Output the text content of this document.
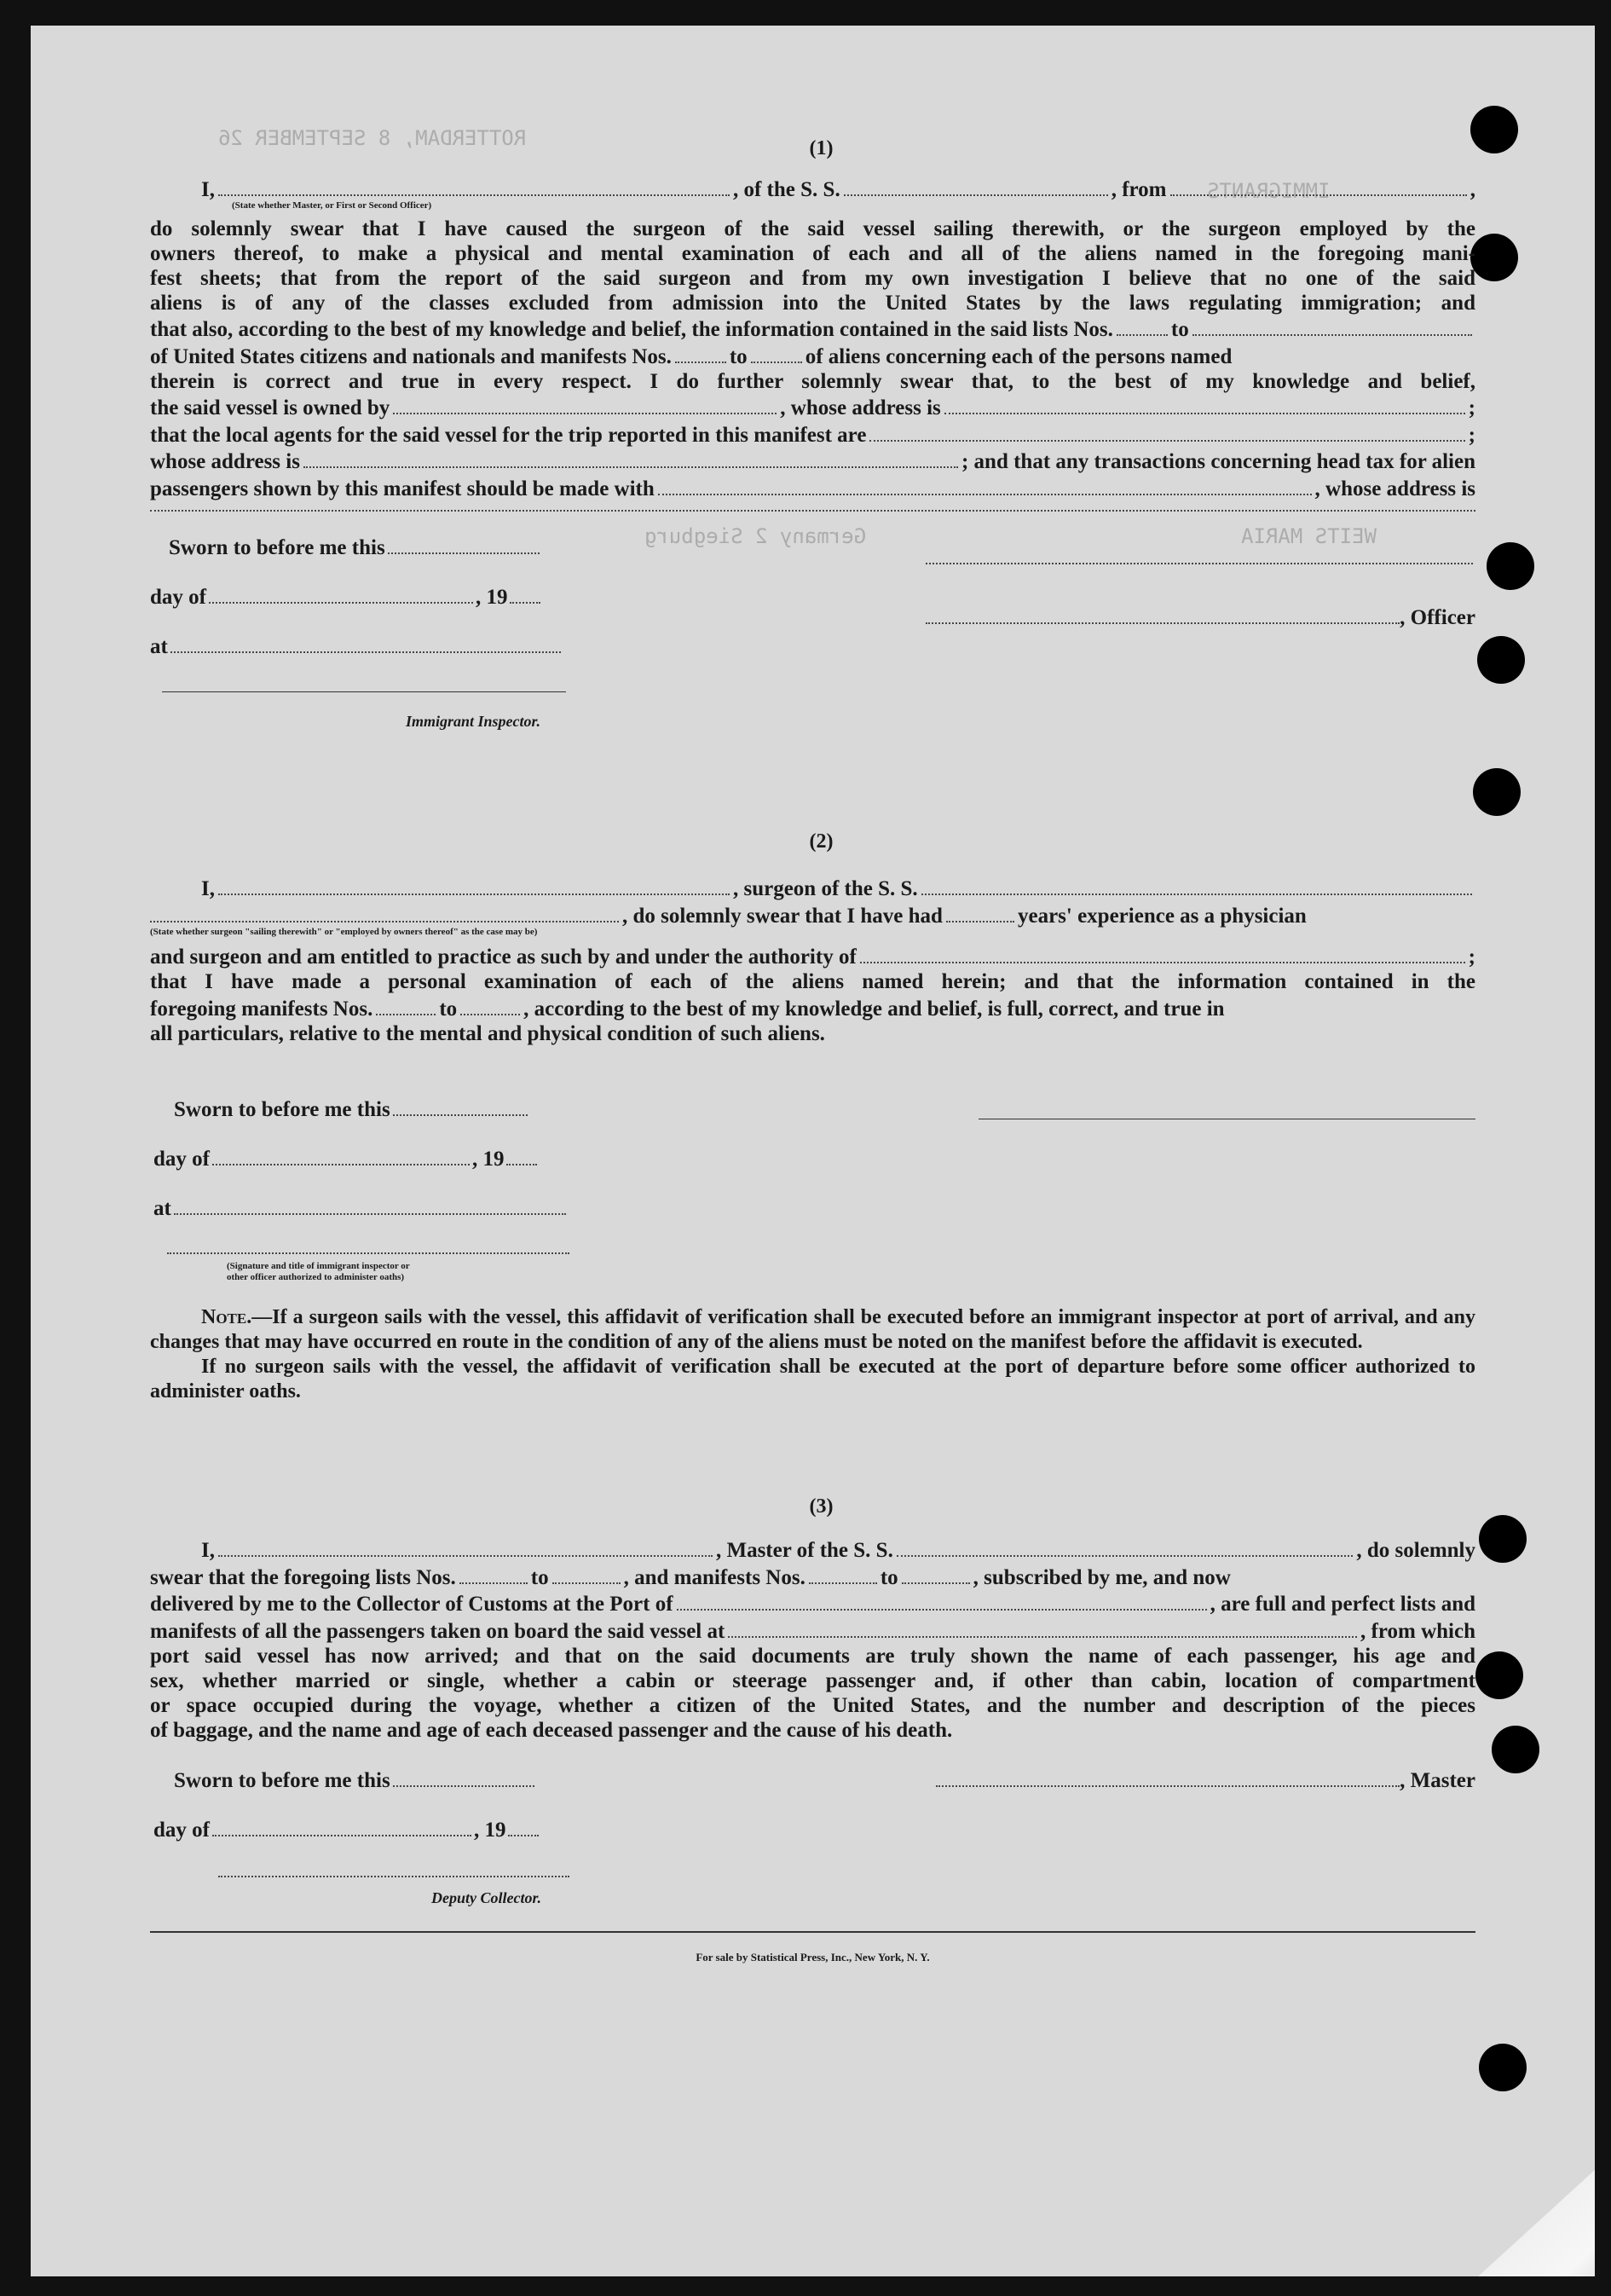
ROTTERDAM, 8 SEPTEMBER 26
IMMIGRANTS
Germany 2 Siegburg	WEITS MARIA
(1)
I,	, of the S. S.	, from	,
(State whether Master, or First or Second Officer)
do solemnly swear that I have caused the surgeon of the said vessel sailing therewith, or the surgeon employed by the
owners thereof, to make a physical and mental examination of each and all of the aliens named in the foregoing mani-
fest sheets; that from the report of the said surgeon and from my own investigation I believe that no one of the said
aliens is of any of the classes excluded from admission into the United States by the laws regulating immigration; and
that also, according to the best of my knowledge and belief, the information contained in the said lists Nos.	to
of United States citizens and nationals and manifests Nos.	to	of aliens concerning each of the persons named
therein is correct and true in every respect. I do further solemnly swear that, to the best of my knowledge and belief,
the said vessel is owned by	, whose address is	;
that the local agents for the said vessel for the trip reported in this manifest are	;
whose address is	; and that any transactions concerning head tax for alien
passengers shown by this manifest should be made with	, whose address is
Sworn to before me this
day of	, 19
at
, Officer
Immigrant Inspector.
(2)
I,	, surgeon of the S. S.
, do solemnly swear that I have had	years' experience as a physician
(State whether surgeon "sailing therewith" or "employed by owners thereof" as the case may be)
and surgeon and am entitled to practice as such by and under the authority of	;
that I have made a personal examination of each of the aliens named herein; and that the information contained in the
foregoing manifests Nos.	to	, according to the best of my knowledge and belief, is full, correct, and true in
all particulars, relative to the mental and physical condition of such aliens.
Sworn to before me this
day of	, 19
at
(Signature and title of immigrant inspector or
other officer authorized to administer oaths)
Note.—If a surgeon sails with the vessel, this affidavit of verification shall be executed before an immigrant inspector at port of arrival, and any changes that may have occurred en route in the condition of any of the aliens must be noted on the manifest before the affidavit is executed.
If no surgeon sails with the vessel, the affidavit of verification shall be executed at the port of departure before some officer authorized to administer oaths.
(3)
I,	, Master of the S. S.	, do solemnly
swear that the foregoing lists Nos.	to	, and manifests Nos.	to	, subscribed by me, and now
delivered by me to the Collector of Customs at the Port of	, are full and perfect lists and
manifests of all the passengers taken on board the said vessel at	, from which
port said vessel has now arrived; and that on the said documents are truly shown the name of each passenger, his age and
sex, whether married or single, whether a cabin or steerage passenger and, if other than cabin, location of compartment
or space occupied during the voyage, whether a citizen of the United States, and the number and description of the pieces
of baggage, and the name and age of each deceased passenger and the cause of his death.
Sworn to before me this	, Master
day of	, 19
Deputy Collector.
For sale by Statistical Press, Inc., New York, N. Y.
